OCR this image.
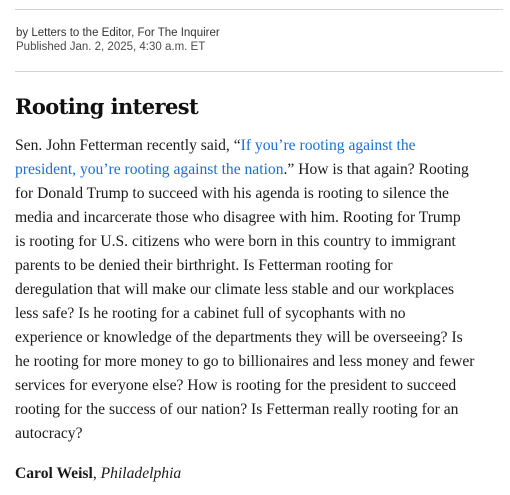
by Letters to the Editor, For The Inquirer
Published Jan. 2, 2025, 4:30 a.m. ET
Rooting interest
Sen. John Fetterman recently said, “If you’re rooting against the
president, you’re rooting against the nation.” How is that again? Rooting
for Donald Trump to succeed with his agenda is rooting to silence the
media and incarcerate those who disagree with him. Rooting for Trump
is rooting for U.S. citizens who were born in this country to immigrant
parents to be denied their birthright. Is Fetterman rooting for
deregulation that will make our climate less stable and our workplaces
less safe? Is he rooting for a cabinet full of sycophants with no
experience or knowledge of the departments they will be overseeing? Is
he rooting for more money to go to billionaires and less money and fewer
services for everyone else? How is rooting for the president to succeed
rooting for the success of our nation? Is Fetterman really rooting for an
autocracy?
Carol Weisl, Philadelphia
